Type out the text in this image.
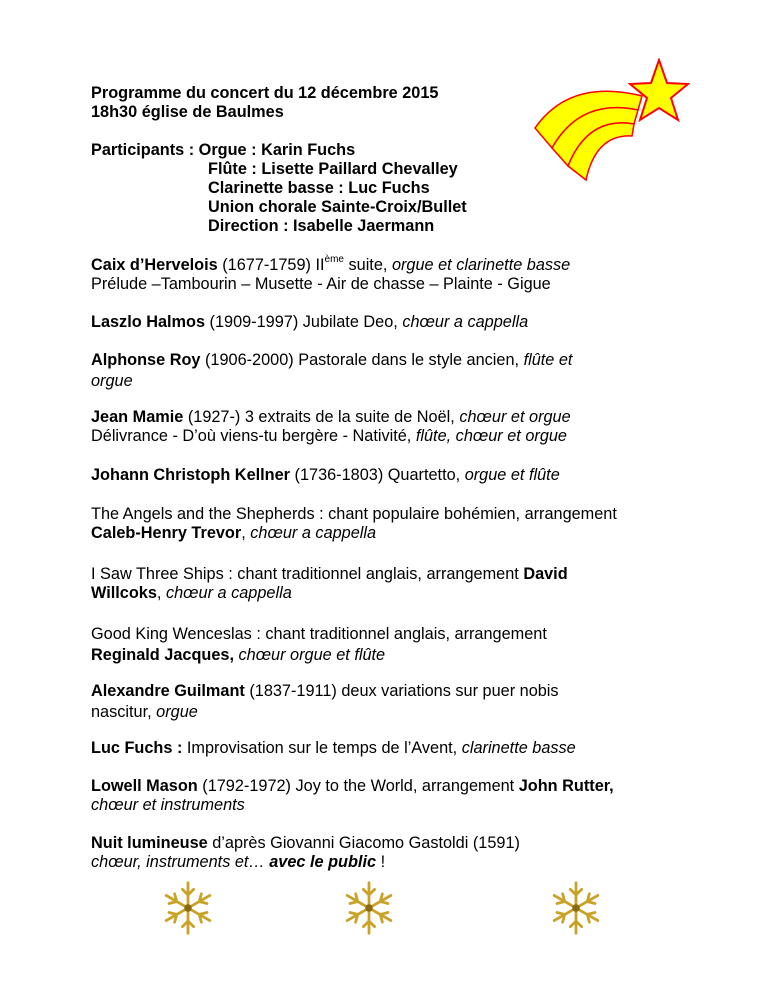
Programme du concert du 12 décembre 2015
18h30 église de Baulmes
Participants : Orgue : Karin Fuchs
Flûte : Lisette Paillard Chevalley
Clarinette basse : Luc Fuchs
Union chorale Sainte-Croix/Bullet
Direction : Isabelle Jaermann
Caix d’Hervelois (1677-1759) IIème suite, orgue et clarinette basse
Prélude –Tambourin – Musette - Air de chasse – Plainte - Gigue
Laszlo Halmos (1909-1997) Jubilate Deo, chœur a cappella
Alphonse Roy (1906-2000) Pastorale dans le style ancien, flûte et
orgue
Jean Mamie (1927-) 3 extraits de la suite de Noël, chœur et orgue
Délivrance - D’où viens-tu bergère - Nativité, flûte, chœur et orgue
Johann Christoph Kellner (1736-1803) Quartetto, orgue et flûte
The Angels and the Shepherds : chant populaire bohémien, arrangement
Caleb-Henry Trevor, chœur a cappella
I Saw Three Ships : chant traditionnel anglais, arrangement David
Willcoks, chœur a cappella
Good King Wenceslas : chant traditionnel anglais, arrangement
Reginald Jacques, chœur orgue et flûte
Alexandre Guilmant (1837-1911) deux variations sur puer nobis
nascitur, orgue
Luc Fuchs : Improvisation sur le temps de l’Avent, clarinette basse
Lowell Mason (1792-1972) Joy to the World, arrangement John Rutter,
chœur et instruments
Nuit lumineuse d’après Giovanni Giacomo Gastoldi (1591)
chœur, instruments et… avec le public !
